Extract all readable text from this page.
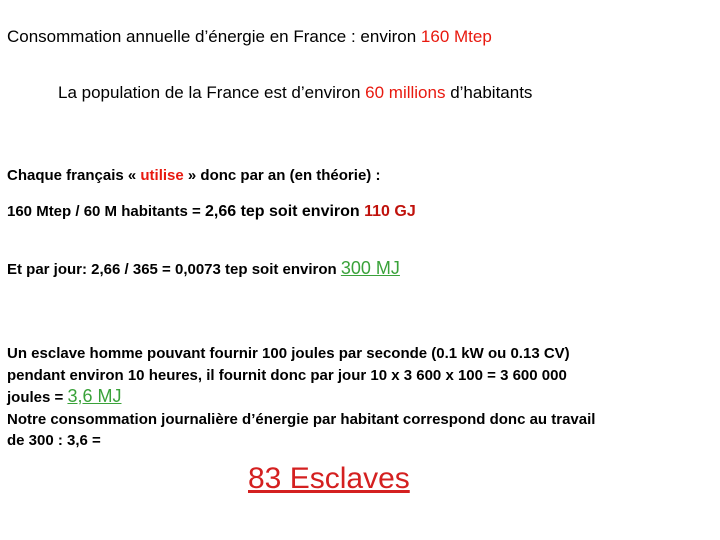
Consommation annuelle d’énergie en France : environ 160 Mtep
La population de la France est d’environ 60 millions d’habitants
Chaque français « utilise » donc par an (en théorie) :
160 Mtep / 60 M habitants = 2,66 tep soit environ 110 GJ
Et par jour: 2,66 / 365 = 0,0073 tep soit environ 300 MJ
Un esclave homme pouvant fournir 100 joules par seconde (0.1 kW ou 0.13 CV)
pendant environ 10 heures, il fournit donc par jour 10 x 3 600 x 100 = 3 600 000
joules = 3,6 MJ
Notre consommation journalière d’énergie par habitant correspond donc au travail
de 300 : 3,6 =
83 Esclaves
